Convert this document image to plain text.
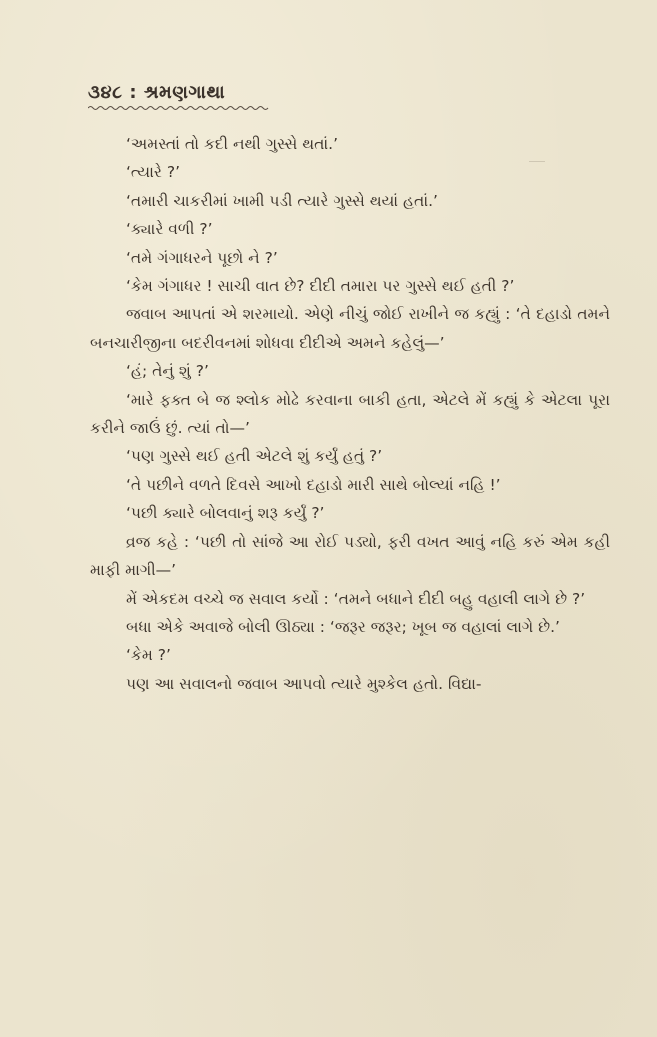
૩૪૮ : શ્રમણગાથા

‘અમસ્તાં તો કદી નથી ગુસ્સે થતાં.’

‘ત્યારે ?’

‘તમારી ચાકરીમાં ખામી પડી ત્યારે ગુસ્સે થયાં હતાં.’

‘ક્યારે વળી ?’

‘તમે ગંગાધરને પૂછો ને ?’

‘કેમ ગંગાધર ! સાચી વાત છે? દીદી તમારા પર ગુસ્સે થઈ હતી ?’

જવાબ આપતાં એ શરમાયો. એણે નીચું જોઈ રાખીને જ કહ્યું : ‘તે દહાડો તમને બનચારીજીના બદરીવનમાં શોધવા દીદીએ અમને કહેલું—’

‘હં; તેનું શું ?’

‘મારે ફક્ત બે જ શ્લોક મોઢે કરવાના બાકી હતા, એટલે મેં કહ્યું કે એટલા પૂરા કરીને જાઉં છું. ત્યાં તો—’

‘પણ ગુસ્સે થઈ હતી એટલે શું કર્યું હતું ?’

‘તે પછીને વળતે દિવસે આખો દહાડો મારી સાથે બોલ્યાં નહિ !’

‘પછી ક્યારે બોલવાનું શરૂ કર્યું ?’

વ્રજ કહે : ‘પછી તો સાંજે આ રોઈ પડ્યો, ફરી વખત આવું નહિ કરું એમ કહી માફી માગી—’

મેં એકદમ વચ્ચે જ સવાલ કર્યો : ‘તમને બધાને દીદી બહુ વહાલી લાગે છે ?’

બધા એકે અવાજે બોલી ઊઠ્યા : ‘જરૂર જરૂર; ખૂબ જ વહાલાં લાગે છે.’

‘કેમ ?’

પણ આ સવાલનો જવાબ આપવો ત્યારે મુશ્કેલ હતો. વિદ્યા-
